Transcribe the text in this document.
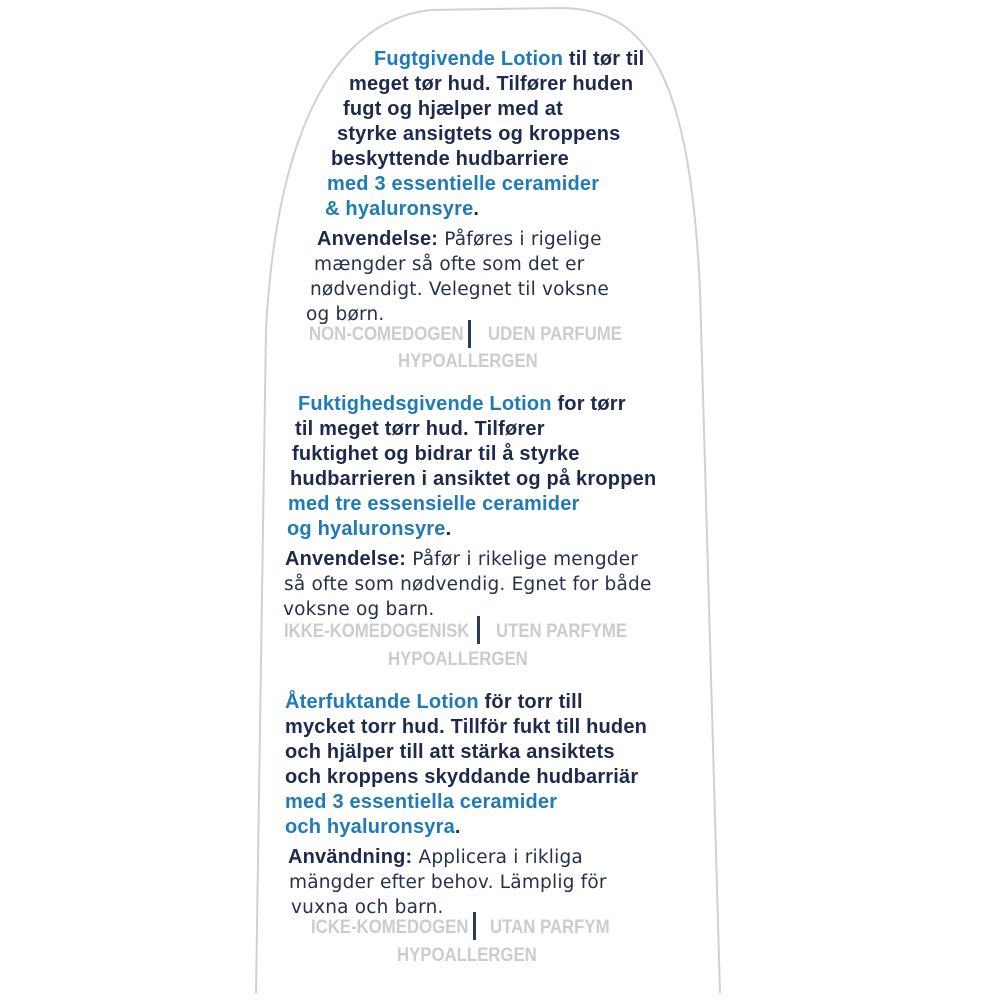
Fugtgivende Lotion til tør til

meget tør hud. Tilfører huden

fugt og hjælper med at

styrke ansigtets og kroppens

beskyttende hudbarriere

med 3 essentielle ceramider

& hyaluronsyre.

Anvendelse: Påføres i rigelige

mængder så ofte som det er

nødvendigt. Velegnet til voksne

og børn.

NON-COMEDOGEN UDEN PARFUME

HYPOALLERGEN

Fuktighedsgivende Lotion for tørr

til meget tørr hud. Tilfører

fuktighet og bidrar til å styrke

hudbarrieren i ansiktet og på kroppen

med tre essensielle ceramider

og hyaluronsyre.

Anvendelse: Påfør i rikelige mengder

så ofte som nødvendig. Egnet for både

voksne og barn.

IKKE-KOMEDOGENISK UTEN PARFYME

HYPOALLERGEN

Återfuktande Lotion för torr till

mycket torr hud. Tillför fukt till huden

och hjälper till att stärka ansiktets

och kroppens skyddande hudbarriär

med 3 essentiella ceramider

och hyaluronsyra.

Användning: Applicera i rikliga

mängder efter behov. Lämplig för

vuxna och barn.

ICKE-KOMEDOGEN UTAN PARFYM

HYPOALLERGEN
